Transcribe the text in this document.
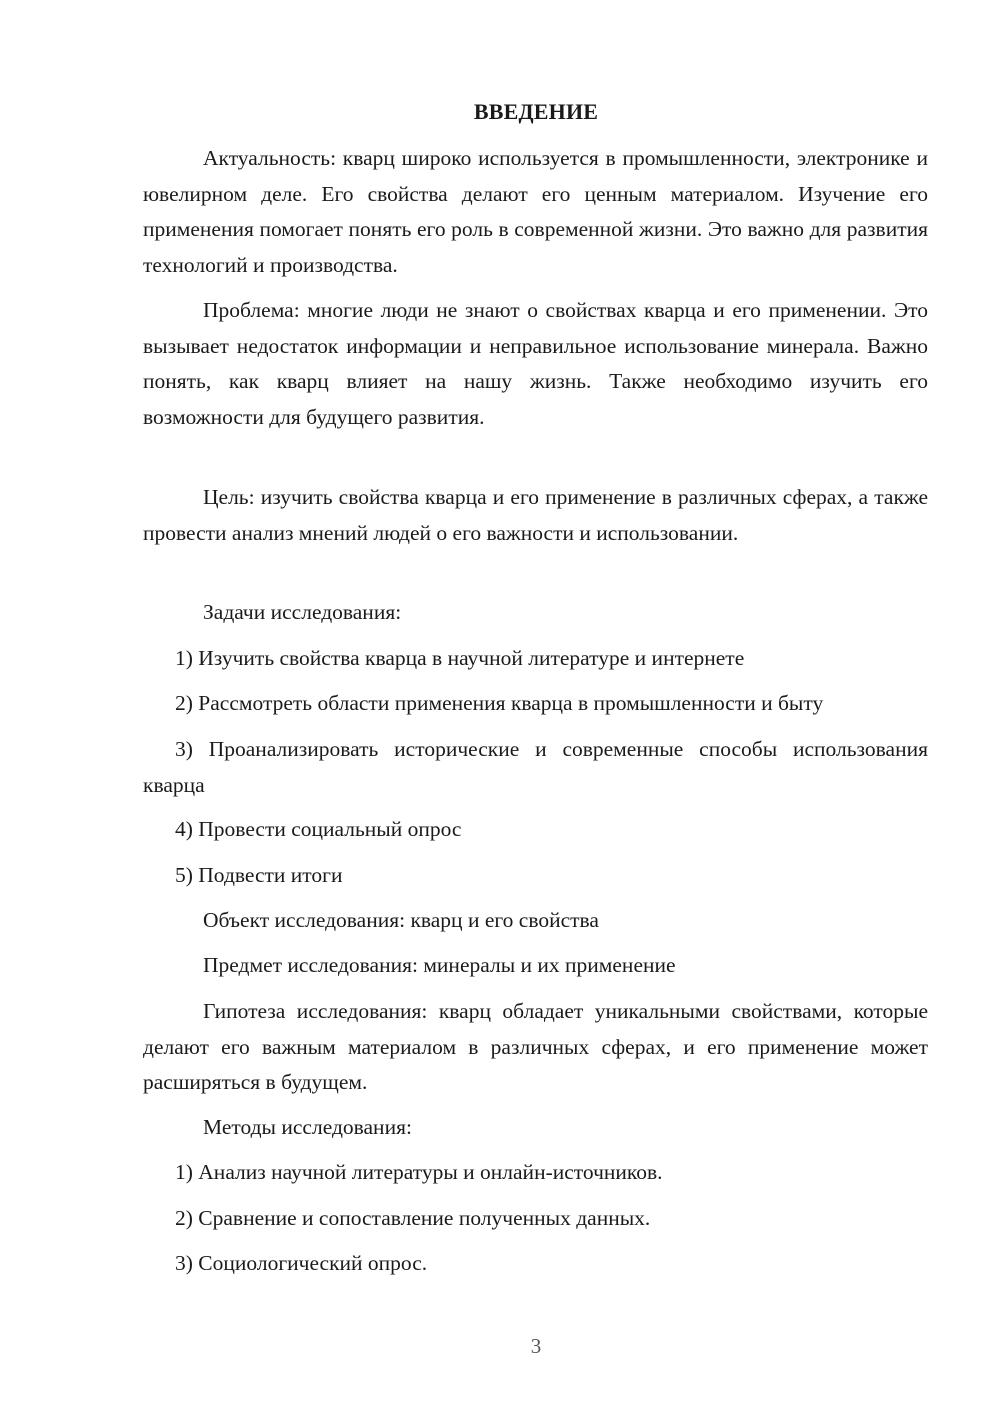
ВВЕДЕНИЕ

Актуальность: кварц широко используется в промышленности, электронике и ювелирном деле. Его свойства делают его ценным материалом. Изучение его применения помогает понять его роль в современной жизни. Это важно для развития технологий и производства.

Проблема: многие люди не знают о свойствах кварца и его применении. Это вызывает недостаток информации и неправильное использование минерала. Важно понять, как кварц влияет на нашу жизнь. Также необходимо изучить его возможности для будущего развития.

Цель: изучить свойства кварца и его применение в различных сферах, а также провести анализ мнений людей о его важности и использовании.

Задачи исследования:

1) Изучить свойства кварца в научной литературе и интернете

2) Рассмотреть области применения кварца в промышленности и быту

3) Проанализировать исторические и современные способы использования кварца

4) Провести социальный опрос

5) Подвести итоги

Объект исследования: кварц и его свойства

Предмет исследования: минералы и их применение

Гипотеза исследования: кварц обладает уникальными свойствами, которые делают его важным материалом в различных сферах, и его применение может расширяться в будущем.

Методы исследования:

1) Анализ научной литературы и онлайн-источников.

2) Сравнение и сопоставление полученных данных.

3) Социологический опрос.

3
